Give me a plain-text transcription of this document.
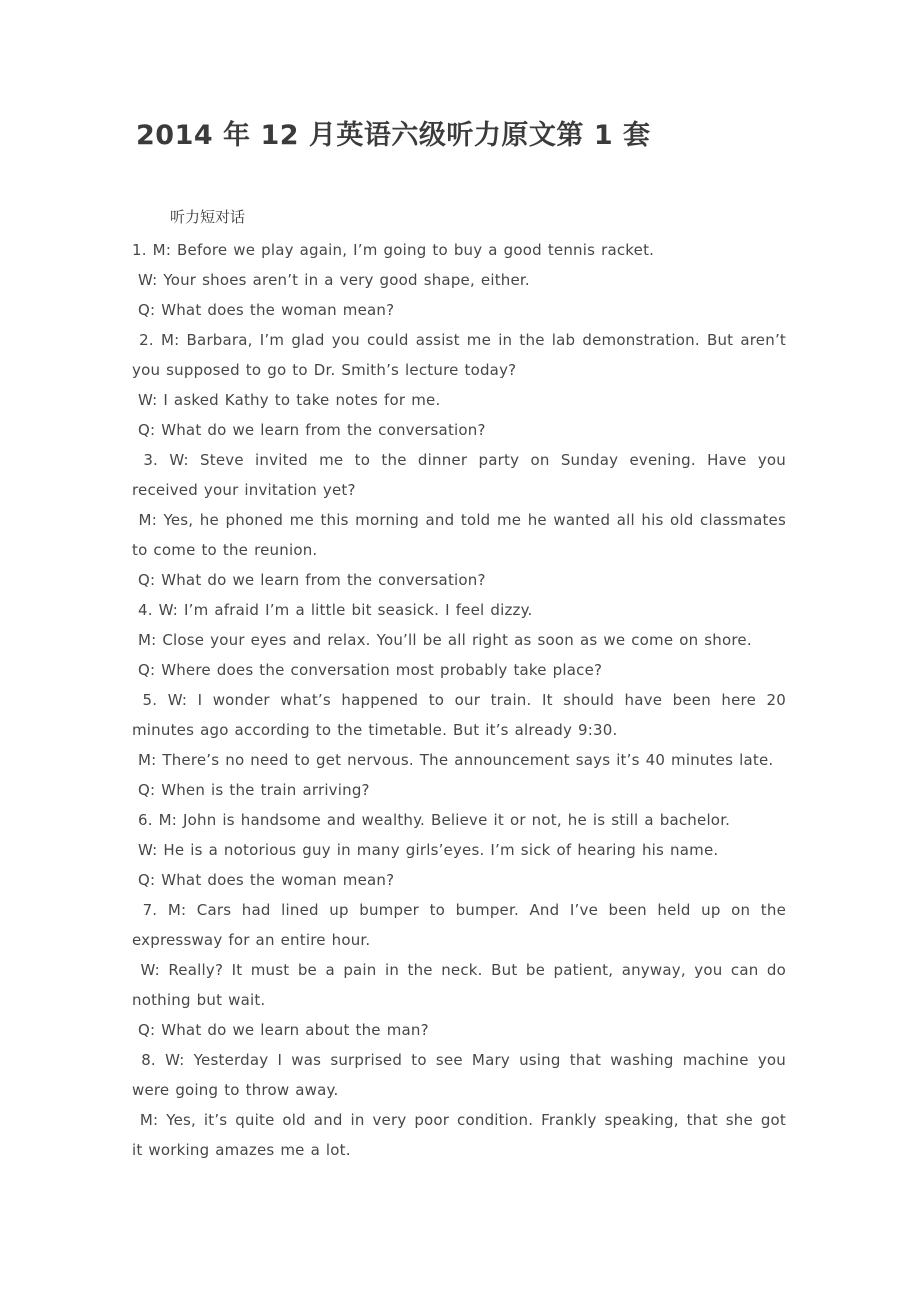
2014 年 12 月英语六级听力原文第 1 套
听力短对话
1. M: Before we play again, I’m going to buy a good tennis racket.
W: Your shoes aren’t in a very good shape, either.
Q: What does the woman mean?
2. M: Barbara, I’m glad you could assist me in the lab demonstration. But aren’t
you supposed to go to Dr. Smith’s lecture today?
W: I asked Kathy to take notes for me.
Q: What do we learn from the conversation?
3. W: Steve invited me to the dinner party on Sunday evening. Have you
received your invitation yet?
M: Yes, he phoned me this morning and told me he wanted all his old classmates
to come to the reunion.
Q: What do we learn from the conversation?
4. W: I’m afraid I’m a little bit seasick. I feel dizzy.
M: Close your eyes and relax. You’ll be all right as soon as we come on shore.
Q: Where does the conversation most probably take place?
5. W: I wonder what’s happened to our train. It should have been here 20
minutes ago according to the timetable. But it’s already 9:30.
M: There’s no need to get nervous. The announcement says it’s 40 minutes late.
Q: When is the train arriving?
6. M: John is handsome and wealthy. Believe it or not, he is still a bachelor.
W: He is a notorious guy in many girls’eyes. I’m sick of hearing his name.
Q: What does the woman mean?
7. M: Cars had lined up bumper to bumper. And I’ve been held up on the
expressway for an entire hour.
W: Really? It must be a pain in the neck. But be patient, anyway, you can do
nothing but wait.
Q: What do we learn about the man?
8. W: Yesterday I was surprised to see Mary using that washing machine you
were going to throw away.
M: Yes, it’s quite old and in very poor condition. Frankly speaking, that she got
it working amazes me a lot.
